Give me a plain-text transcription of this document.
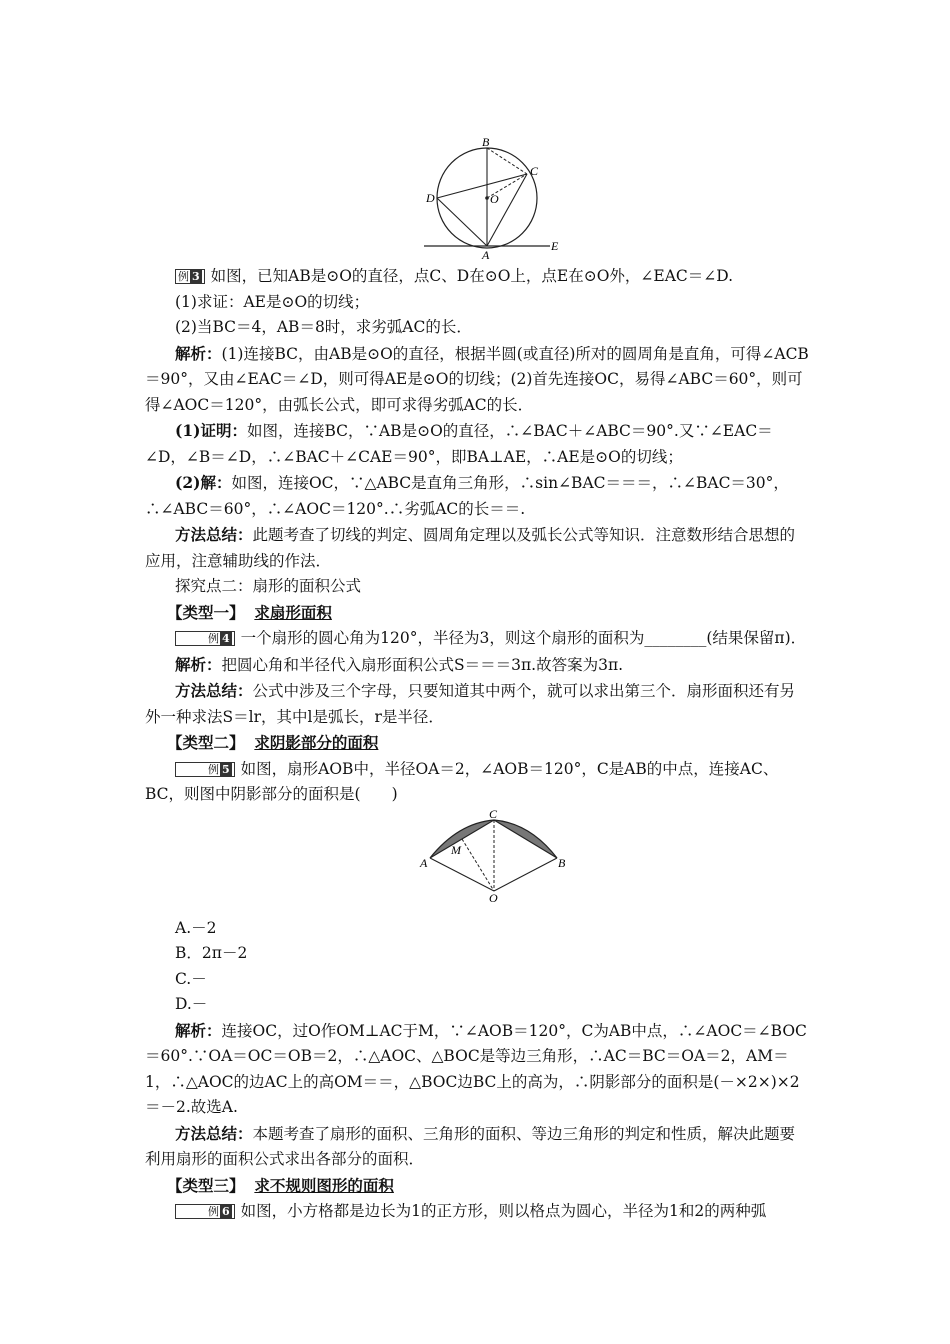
B
C
D	O
A
E
C
M
A	B
O

例 3 如图，已知AB是⊙O的直径，点C、D在⊙O上，点E在⊙O外，∠EAC＝∠D.

(1)求证：AE是⊙O的切线；

(2)当BC＝4，AB＝8时，求劣弧AC的长．

解析：(1)连接BC，由AB是⊙O的直径，根据半圆(或直径)所对的圆周角是直角，可得∠ACB＝90°，又由∠EAC＝∠D，则可得AE是⊙O的切线；(2)首先连接OC，易得∠ABC＝60°，则可得∠AOC＝120°，由弧长公式，即可求得劣弧AC的长．

(1)证明：如图，连接BC，∵AB是⊙O的直径，∴∠BAC＋∠ABC＝90°.又∵∠EAC＝∠D，∠B＝∠D，∴∠BAC＋∠CAE＝90°，即BA⊥AE，∴AE是⊙O的切线；

(2)解：如图，连接OC，∵△ABC是直角三角形，∴sin∠BAC＝＝＝，∴∠BAC＝30°，∴∠ABC＝60°，∴∠AOC＝120°.∴劣弧AC的长＝＝.

方法总结：此题考查了切线的判定、圆周角定理以及弧长公式等知识．注意数形结合思想的应用，注意辅助线的作法．

探究点二：扇形的面积公式

【类型一】 求扇形面积

例 4 一个扇形的圆心角为120°，半径为3，则这个扇形的面积为________(结果保留π)．

解析：把圆心角和半径代入扇形面积公式S＝＝＝3π.故答案为3π.

方法总结：公式中涉及三个字母，只要知道其中两个，就可以求出第三个．扇形面积还有另外一种求法S＝lr，其中l是弧长，r是半径．

【类型二】 求阴影部分的面积

例 5 如图，扇形AOB中，半径OA＝2，∠AOB＝120°，C是AB的中点，连接AC、BC，则图中阴影部分的面积是(　　)

A.－2

B．2π－2

C.－

D.－

解析：连接OC，过O作OM⊥AC于M，∵∠AOB＝120°，C为AB中点，∴∠AOC＝∠BOC＝60°.∵OA＝OC＝OB＝2，∴△AOC、△BOC是等边三角形，∴AC＝BC＝OA＝2，AM＝1，∴△AOC的边AC上的高OM＝＝，△BOC边BC上的高为，∴阴影部分的面积是(－×2×)×2＝－2.故选A.

方法总结：本题考查了扇形的面积、三角形的面积、等边三角形的判定和性质，解决此题要利用扇形的面积公式求出各部分的面积．

【类型三】 求不规则图形的面积

例 6 如图，小方格都是边长为1的正方形，则以格点为圆心，半径为1和2的两种弧
